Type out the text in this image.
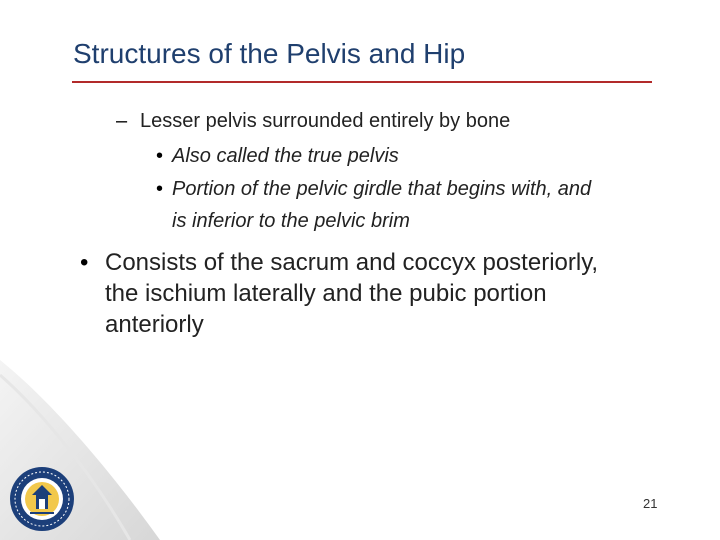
Structures of the Pelvis and Hip
– Lesser pelvis surrounded entirely by bone
• Also called the true pelvis
• Portion of the pelvic girdle that begins with, and
is inferior to the pelvic brim
• Consists of the sacrum and coccyx posteriorly,
the ischium laterally and the pubic portion
anteriorly
21
